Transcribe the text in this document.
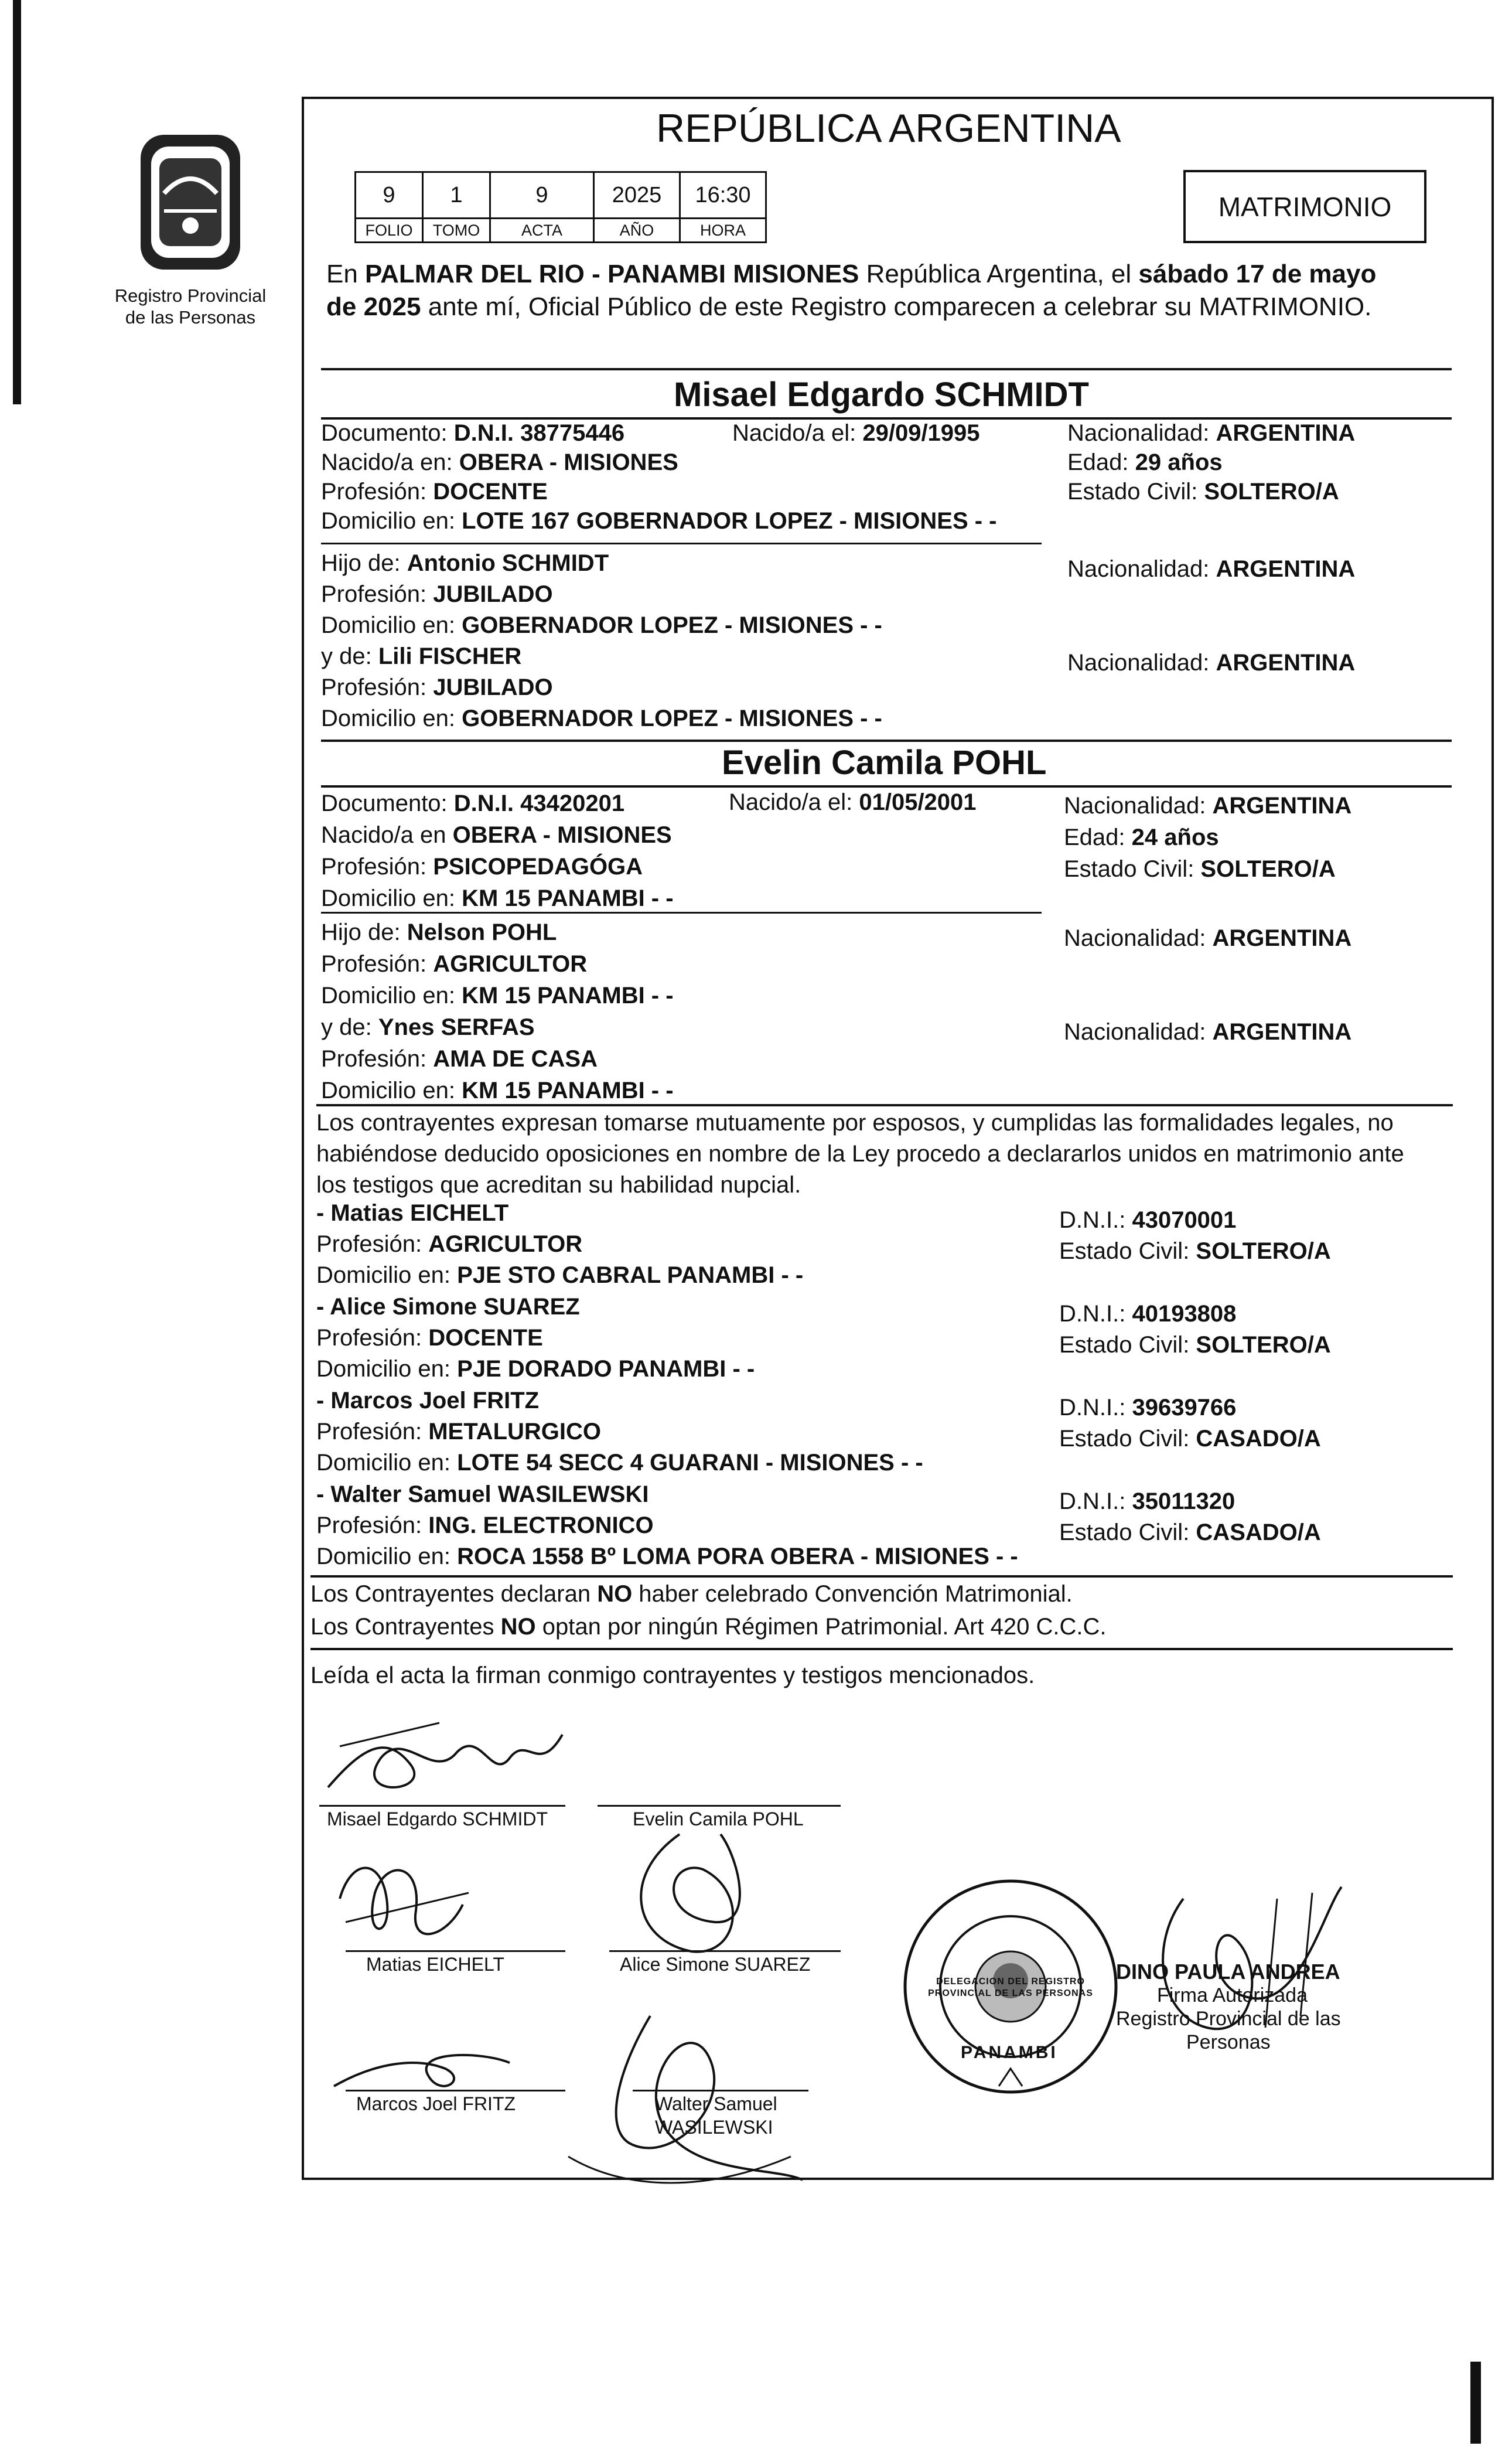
Registro Provincial
de las Personas
REPÚBLICA ARGENTINA
9	1	9	2025	16:30
FOLIO	TOMO	ACTA	AÑO	HORA
MATRIMONIO
En PALMAR DEL RIO - PANAMBI MISIONES República Argentina, el sábado 17 de mayo
de 2025 ante mí, Oficial Público de este Registro comparecen a celebrar su MATRIMONIO.
Misael Edgardo SCHMIDT
Documento: D.N.I. 38775446
Nacido/a en: OBERA - MISIONES
Profesión: DOCENTE
Domicilio en: LOTE 167 GOBERNADOR LOPEZ - MISIONES - -
Nacido/a el: 29/09/1995	Nacionalidad: ARGENTINA
Edad: 29 años
Estado Civil: SOLTERO/A
Hijo de: Antonio SCHMIDT
Profesión: JUBILADO
Domicilio en: GOBERNADOR LOPEZ - MISIONES - -
y de: Lili FISCHER
Profesión: JUBILADO
Domicilio en: GOBERNADOR LOPEZ - MISIONES - -
Nacionalidad: ARGENTINA
Nacionalidad: ARGENTINA
Evelin Camila POHL
Documento: D.N.I. 43420201
Nacido/a en OBERA - MISIONES
Profesión: PSICOPEDAGÓGA
Domicilio en: KM 15 PANAMBI - -
Nacido/a el: 01/05/2001	Nacionalidad: ARGENTINA
Edad: 24 años
Estado Civil: SOLTERO/A
Hijo de: Nelson POHL
Profesión: AGRICULTOR
Domicilio en: KM 15 PANAMBI - -
y de: Ynes SERFAS
Profesión: AMA DE CASA
Domicilio en: KM 15 PANAMBI - -
Nacionalidad: ARGENTINA
Nacionalidad: ARGENTINA
Los contrayentes expresan tomarse mutuamente por esposos, y cumplidas las formalidades legales, no
habiéndose deducido oposiciones en nombre de la Ley procedo a declararlos unidos en matrimonio ante
los testigos que acreditan su habilidad nupcial.
- Matias EICHELT
Profesión: AGRICULTOR
Domicilio en: PJE STO CABRAL PANAMBI - -
D.N.I.: 43070001
Estado Civil: SOLTERO/A
- Alice Simone SUAREZ
Profesión: DOCENTE
Domicilio en: PJE DORADO PANAMBI - -
D.N.I.: 40193808
Estado Civil: SOLTERO/A
- Marcos Joel FRITZ
Profesión: METALURGICO
Domicilio en: LOTE 54 SECC 4 GUARANI - MISIONES - -
D.N.I.: 39639766
Estado Civil: CASADO/A
- Walter Samuel WASILEWSKI
Profesión: ING. ELECTRONICO
Domicilio en: ROCA 1558 Bº LOMA PORA OBERA - MISIONES - -
D.N.I.: 35011320
Estado Civil: CASADO/A
Los Contrayentes declaran NO haber celebrado Convención Matrimonial.
Los Contrayentes NO optan por ningún Régimen Patrimonial. Art 420 C.C.C.
Leída el acta la firman conmigo contrayentes y testigos mencionados.
Misael Edgardo SCHMIDT	Evelin Camila POHL
Matias EICHELT	Alice Simone SUAREZ
Marcos Joel FRITZ	Walter Samuel
WASILEWSKI
DELEGACION DEL REGISTRO PROVINCIAL DE LAS PERSONAS
PANAMBI
DINO PAULA ANDREA
Firma Autorizada
Registro Provincial de las
Personas
